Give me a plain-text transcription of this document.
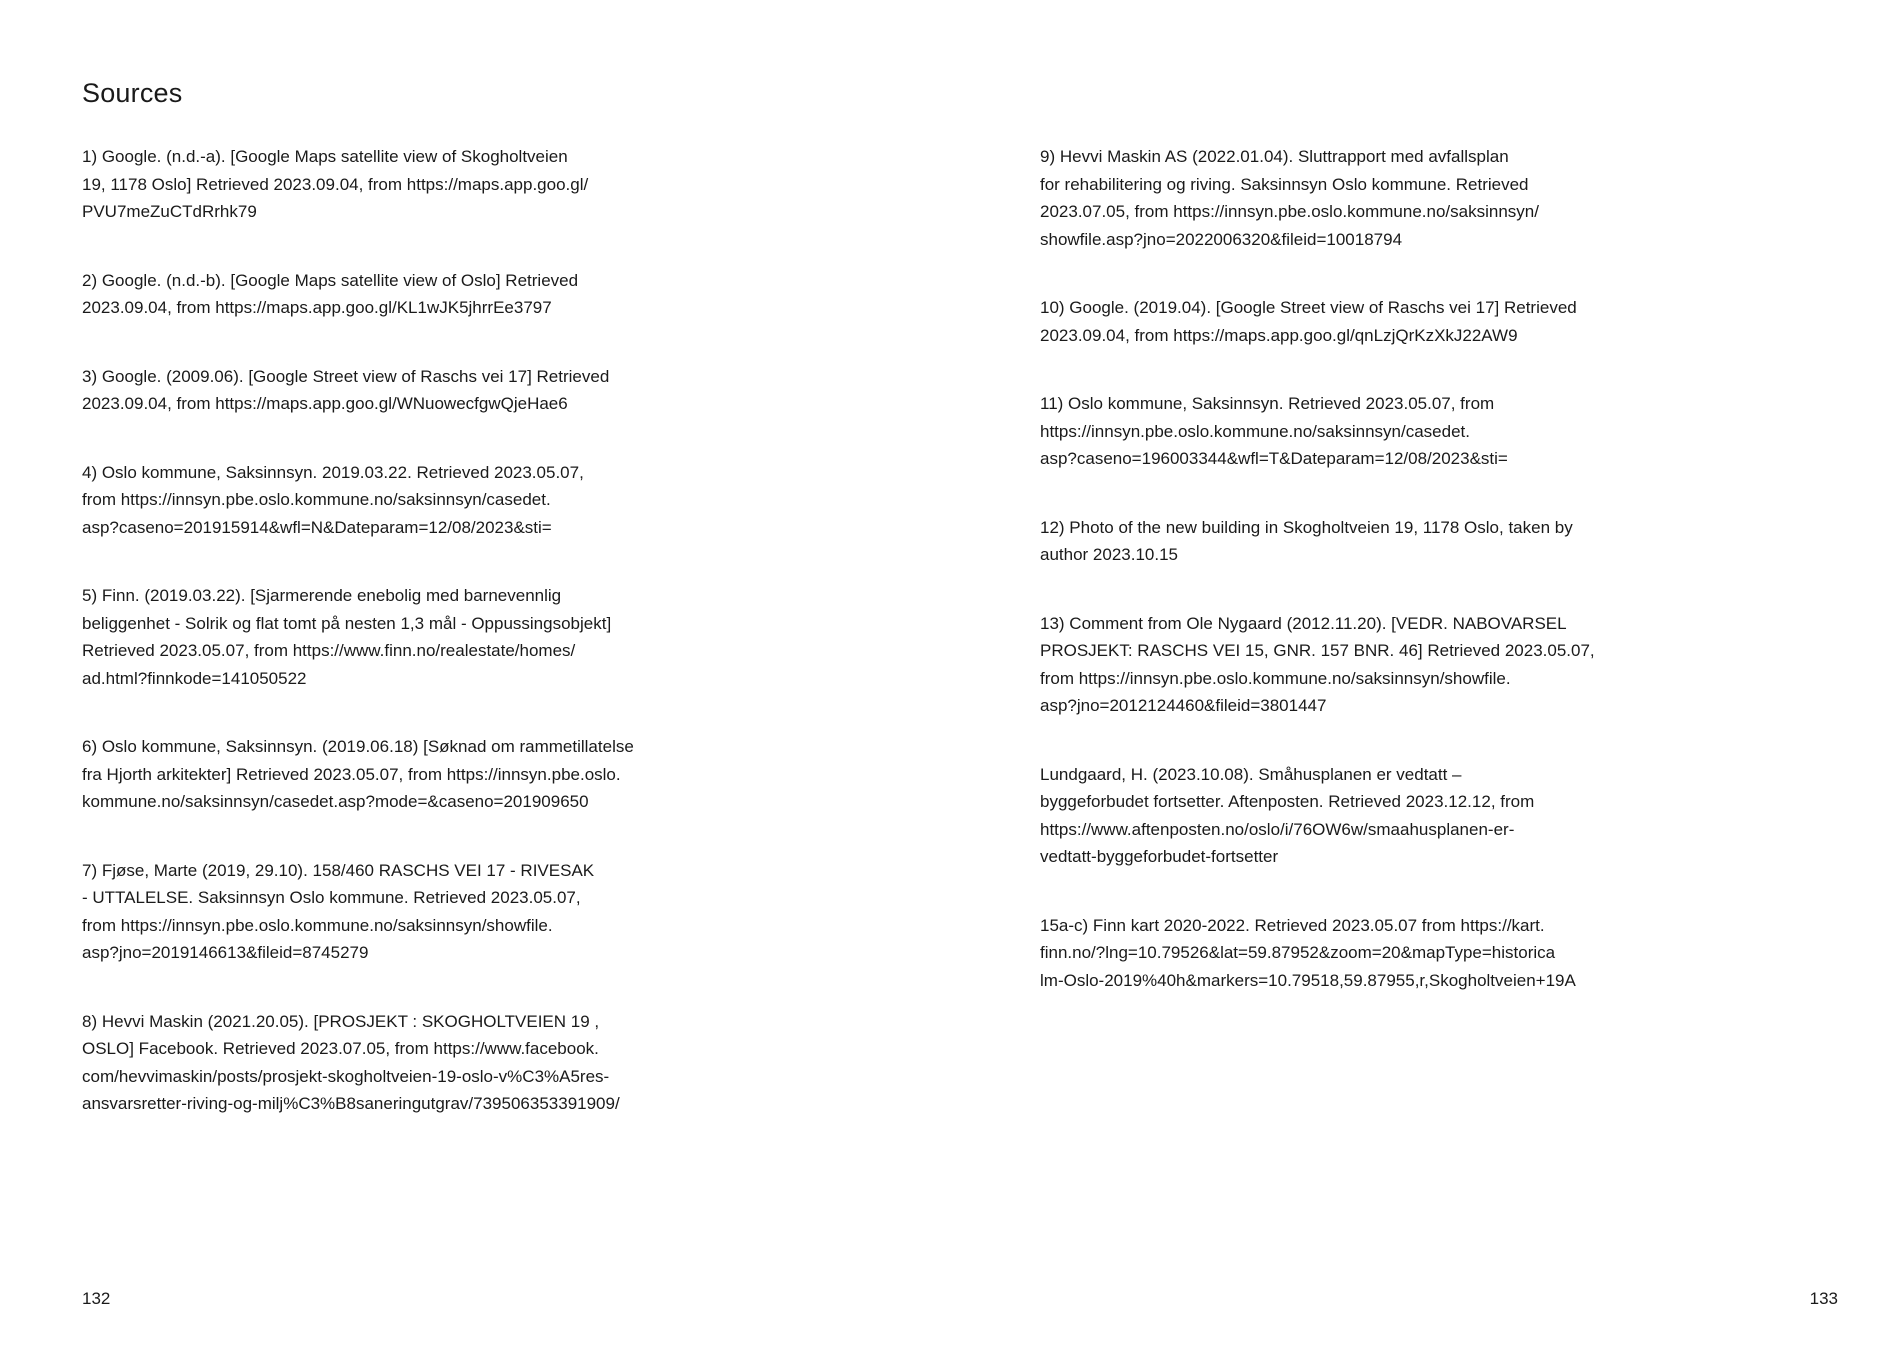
Sources

1) Google. (n.d.-a). [Google Maps satellite view of Skogholtveien
19, 1178 Oslo] Retrieved 2023.09.04, from https://maps.app.goo.gl/
PVU7meZuCTdRrhk79

2) Google. (n.d.-b). [Google Maps satellite view of Oslo] Retrieved
2023.09.04, from https://maps.app.goo.gl/KL1wJK5jhrrEe3797

3) Google. (2009.06). [Google Street view of Raschs vei 17] Retrieved
2023.09.04, from https://maps.app.goo.gl/WNuowecfgwQjeHae6

4) Oslo kommune, Saksinnsyn. 2019.03.22. Retrieved 2023.05.07,
from https://innsyn.pbe.oslo.kommune.no/saksinnsyn/casedet.
asp?caseno=201915914&wfl=N&Dateparam=12/08/2023&sti=

5) Finn. (2019.03.22). [Sjarmerende enebolig med barnevennlig
beliggenhet - Solrik og flat tomt på nesten 1,3 mål - Oppussingsobjekt]
Retrieved 2023.05.07, from https://www.finn.no/realestate/homes/
ad.html?finnkode=141050522

6) Oslo kommune, Saksinnsyn. (2019.06.18) [Søknad om rammetillatelse
fra Hjorth arkitekter] Retrieved 2023.05.07, from https://innsyn.pbe.oslo.
kommune.no/saksinnsyn/casedet.asp?mode=&caseno=201909650

7) Fjøse, Marte (2019, 29.10). 158/460 RASCHS VEI 17 - RIVESAK
- UTTALELSE. Saksinnsyn Oslo kommune. Retrieved 2023.05.07,
from https://innsyn.pbe.oslo.kommune.no/saksinnsyn/showfile.
asp?jno=2019146613&fileid=8745279

8) Hevvi Maskin (2021.20.05). [PROSJEKT : SKOGHOLTVEIEN 19 ,
OSLO] Facebook. Retrieved 2023.07.05, from https://www.facebook.
com/hevvimaskin/posts/prosjekt-skogholtveien-19-oslo-v%C3%A5res-
ansvarsretter-riving-og-milj%C3%B8saneringutgrav/739506353391909/

9) Hevvi Maskin AS (2022.01.04). Sluttrapport med avfallsplan
for rehabilitering og riving. Saksinnsyn Oslo kommune. Retrieved
2023.07.05, from https://innsyn.pbe.oslo.kommune.no/saksinnsyn/
showfile.asp?jno=2022006320&fileid=10018794

10) Google. (2019.04). [Google Street view of Raschs vei 17] Retrieved
2023.09.04, from https://maps.app.goo.gl/qnLzjQrKzXkJ22AW9

11) Oslo kommune, Saksinnsyn. Retrieved 2023.05.07, from
https://innsyn.pbe.oslo.kommune.no/saksinnsyn/casedet.
asp?caseno=196003344&wfl=T&Dateparam=12/08/2023&sti=

12) Photo of the new building in Skogholtveien 19, 1178 Oslo, taken by
author 2023.10.15

13) Comment from Ole Nygaard (2012.11.20). [VEDR. NABOVARSEL
PROSJEKT: RASCHS VEI 15, GNR. 157 BNR. 46] Retrieved 2023.05.07,
from https://innsyn.pbe.oslo.kommune.no/saksinnsyn/showfile.
asp?jno=2012124460&fileid=3801447

Lundgaard, H. (2023.10.08). Småhusplanen er vedtatt –
byggeforbudet fortsetter. Aftenposten. Retrieved 2023.12.12, from
https://www.aftenposten.no/oslo/i/76OW6w/smaahusplanen-er-
vedtatt-byggeforbudet-fortsetter

15a-c) Finn kart 2020-2022. Retrieved 2023.05.07 from https://kart.
finn.no/?lng=10.79526&lat=59.87952&zoom=20&mapType=historica
lm-Oslo-2019%40h&markers=10.79518,59.87955,r,Skogholtveien+19A

132	133
